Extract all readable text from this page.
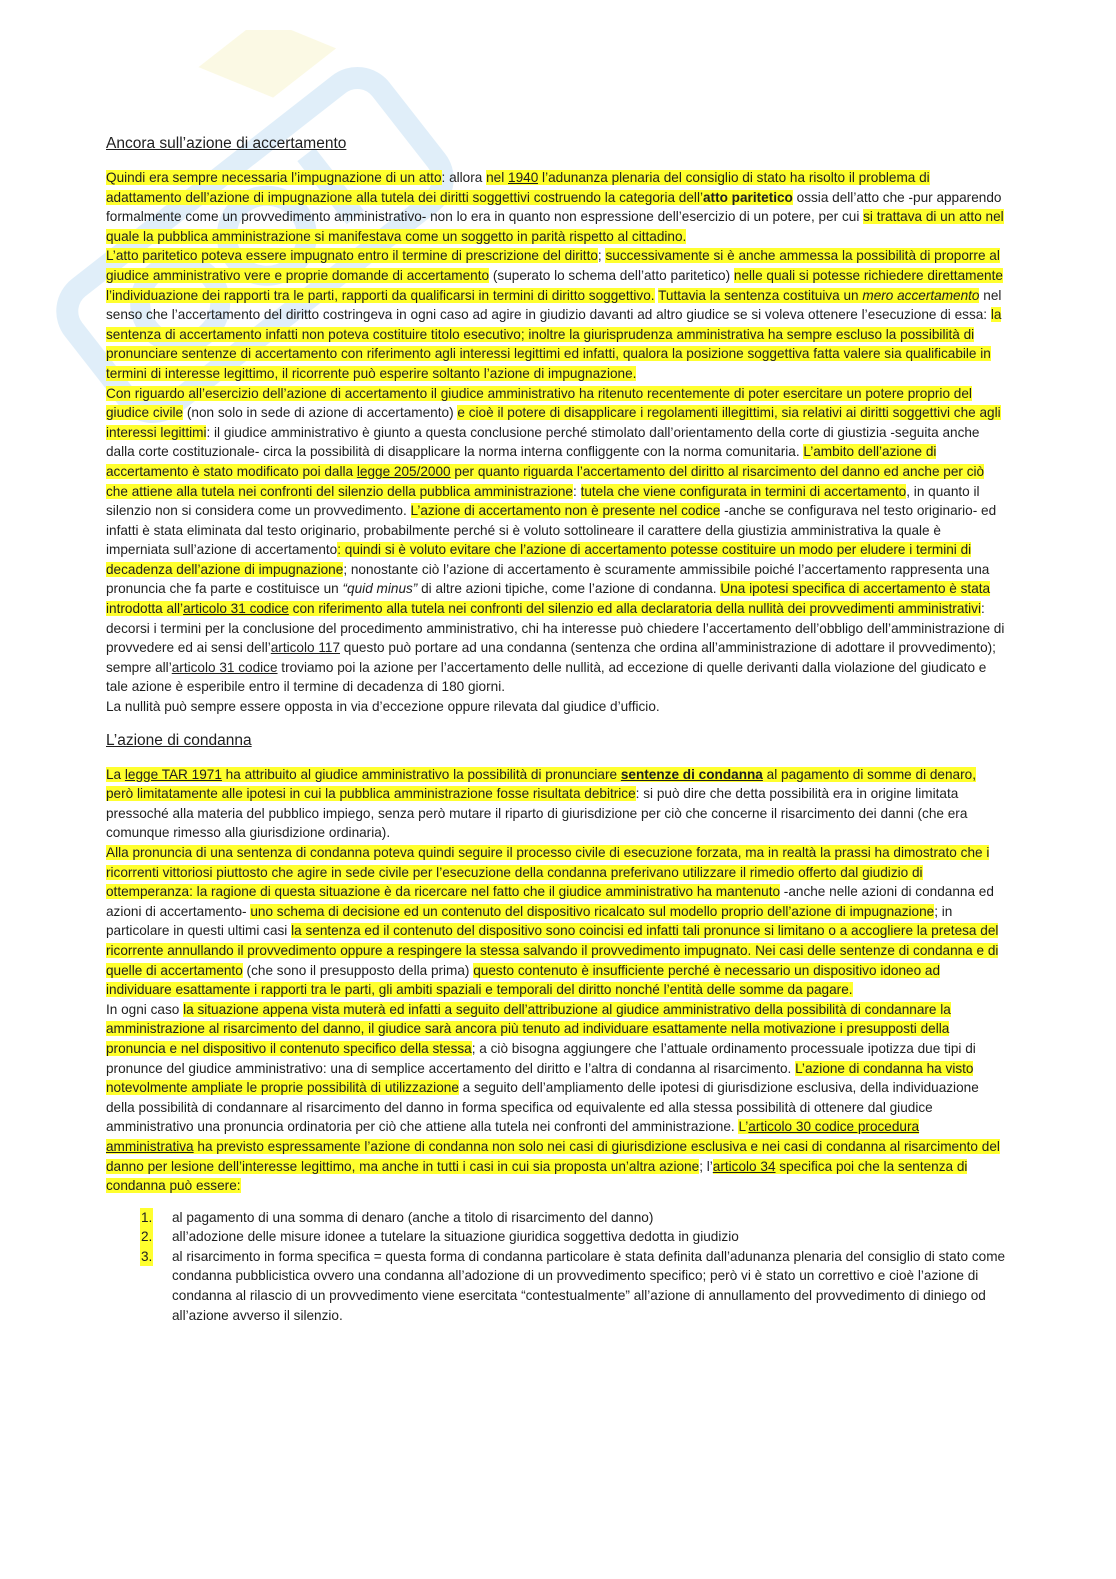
Ancora sull’azione di accertamento

Quindi era sempre necessaria l’impugnazione di un atto: allora nel 1940 l’adunanza plenaria del consiglio di stato ha risolto il problema di adattamento dell’azione di impugnazione alla tutela dei diritti soggettivi costruendo la categoria dell’atto paritetico ossia dell’atto che -pur apparendo formalmente come un provvedimento amministrativo- non lo era in quanto non espressione dell’esercizio di un potere, per cui si trattava di un atto nel quale la pubblica amministrazione si manifestava come un soggetto in parità rispetto al cittadino.

L’atto paritetico poteva essere impugnato entro il termine di prescrizione del diritto; successivamente si è anche ammessa la possibilità di proporre al giudice amministrativo vere e proprie domande di accertamento (superato lo schema dell’atto paritetico) nelle quali si potesse richiedere direttamente l’individuazione dei rapporti tra le parti, rapporti da qualificarsi in termini di diritto soggettivo. Tuttavia la sentenza costituiva un mero accertamento nel senso che l’accertamento del diritto costringeva in ogni caso ad agire in giudizio davanti ad altro giudice se si voleva ottenere l’esecuzione di essa: la sentenza di accertamento infatti non poteva costituire titolo esecutivo; inoltre la giurisprudenza amministrativa ha sempre escluso la possibilità di pronunciare sentenze di accertamento con riferimento agli interessi legittimi ed infatti, qualora la posizione soggettiva fatta valere sia qualificabile in termini di interesse legittimo, il ricorrente può esperire soltanto l’azione di impugnazione.

Con riguardo all’esercizio dell’azione di accertamento il giudice amministrativo ha ritenuto recentemente di poter esercitare un potere proprio del giudice civile (non solo in sede di azione di accertamento) e cioè il potere di disapplicare i regolamenti illegittimi, sia relativi ai diritti soggettivi che agli interessi legittimi: il giudice amministrativo è giunto a questa conclusione perché stimolato dall’orientamento della corte di giustizia -seguita anche dalla corte costituzionale- circa la possibilità di disapplicare la norma interna confliggente con la norma comunitaria. L’ambito dell’azione di accertamento è stato modificato poi dalla legge 205/2000 per quanto riguarda l’accertamento del diritto al risarcimento del danno ed anche per ciò che attiene alla tutela nei confronti del silenzio della pubblica amministrazione: tutela che viene configurata in termini di accertamento, in quanto il silenzio non si considera come un provvedimento. L’azione di accertamento non è presente nel codice -anche se configurava nel testo originario- ed infatti è stata eliminata dal testo originario, probabilmente perché si è voluto sottolineare il carattere della giustizia amministrativa la quale è imperniata sull’azione di accertamento: quindi si è voluto evitare che l’azione di accertamento potesse costituire un modo per eludere i termini di decadenza dell’azione di impugnazione; nonostante ciò l’azione di accertamento è scuramente ammissibile poiché l’accertamento rappresenta una pronuncia che fa parte e costituisce un “quid minus” di altre azioni tipiche, come l’azione di condanna. Una ipotesi specifica di accertamento è stata introdotta all’articolo 31 codice con riferimento alla tutela nei confronti del silenzio ed alla declaratoria della nullità dei provvedimenti amministrativi: decorsi i termini per la conclusione del procedimento amministrativo, chi ha interesse può chiedere l’accertamento dell’obbligo dell’amministrazione di provvedere ed ai sensi dell’articolo 117 questo può portare ad una condanna (sentenza che ordina all’amministrazione di adottare il provvedimento); sempre all’articolo 31 codice troviamo poi la azione per l’accertamento delle nullità, ad eccezione di quelle derivanti dalla violazione del giudicato e tale azione è esperibile entro il termine di decadenza di 180 giorni.

La nullità può sempre essere opposta in via d’eccezione oppure rilevata dal giudice d’ufficio.

L’azione di condanna

La legge TAR 1971 ha attribuito al giudice amministrativo la possibilità di pronunciare sentenze di condanna al pagamento di somme di denaro, però limitatamente alle ipotesi in cui la pubblica amministrazione fosse risultata debitrice: si può dire che detta possibilità era in origine limitata pressoché alla materia del pubblico impiego, senza però mutare il riparto di giurisdizione per ciò che concerne il risarcimento dei danni (che era comunque rimesso alla giurisdizione ordinaria).

Alla pronuncia di una sentenza di condanna poteva quindi seguire il processo civile di esecuzione forzata, ma in realtà la prassi ha dimostrato che i ricorrenti vittoriosi piuttosto che agire in sede civile per l’esecuzione della condanna preferivano utilizzare il rimedio offerto dal giudizio di ottemperanza: la ragione di questa situazione è da ricercare nel fatto che il giudice amministrativo ha mantenuto -anche nelle azioni di condanna ed azioni di accertamento- uno schema di decisione ed un contenuto del dispositivo ricalcato sul modello proprio dell’azione di impugnazione; in particolare in questi ultimi casi la sentenza ed il contenuto del dispositivo sono coincisi ed infatti tali pronunce si limitano o a accogliere la pretesa del ricorrente annullando il provvedimento oppure a respingere la stessa salvando il provvedimento impugnato. Nei casi delle sentenze di condanna e di quelle di accertamento (che sono il presupposto della prima) questo contenuto è insufficiente perché è necessario un dispositivo idoneo ad individuare esattamente i rapporti tra le parti, gli ambiti spaziali e temporali del diritto nonché l’entità delle somme da pagare.

In ogni caso la situazione appena vista muterà ed infatti a seguito dell’attribuzione al giudice amministrativo della possibilità di condannare la amministrazione al risarcimento del danno, il giudice sarà ancora più tenuto ad individuare esattamente nella motivazione i presupposti della pronuncia e nel dispositivo il contenuto specifico della stessa; a ciò bisogna aggiungere che l’attuale ordinamento processuale ipotizza due tipi di pronunce del giudice amministrativo: una di semplice accertamento del diritto e l’altra di condanna al risarcimento. L’azione di condanna ha visto notevolmente ampliate le proprie possibilità di utilizzazione a seguito dell’ampliamento delle ipotesi di giurisdizione esclusiva, della individuazione della possibilità di condannare al risarcimento del danno in forma specifica od equivalente ed alla stessa possibilità di ottenere dal giudice amministrativo una pronuncia ordinatoria per ciò che attiene alla tutela nei confronti del amministrazione. L’articolo 30 codice procedura amministrativa ha previsto espressamente l’azione di condanna non solo nei casi di giurisdizione esclusiva e nei casi di condanna al risarcimento del danno per lesione dell’interesse legittimo, ma anche in tutti i casi in cui sia proposta un’altra azione; l’articolo 34 specifica poi che la sentenza di condanna può essere:

1. al pagamento di una somma di denaro (anche a titolo di risarcimento del danno)
2. all’adozione delle misure idonee a tutelare la situazione giuridica soggettiva dedotta in giudizio
3. al risarcimento in forma specifica = questa forma di condanna particolare è stata definita dall’adunanza plenaria del consiglio di stato come condanna pubblicistica ovvero una condanna all’adozione di un provvedimento specifico; però vi è stato un correttivo e cioè l’azione di condanna al rilascio di un provvedimento viene esercitata “contestualmente” all’azione di annullamento del provvedimento di diniego od all’azione avverso il silenzio.
